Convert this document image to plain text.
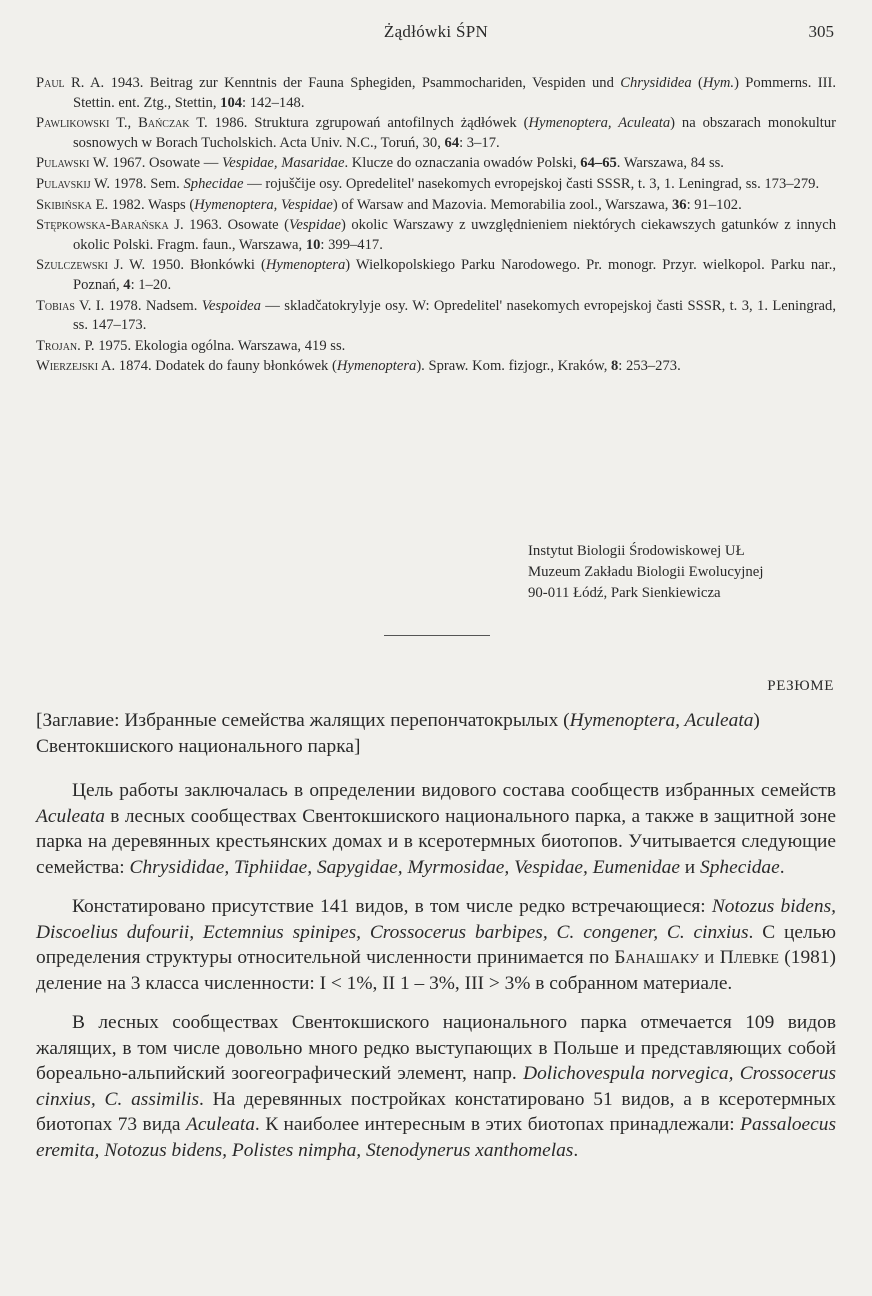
Żądłówki ŚPN	305

Paul R. A. 1943. Beitrag zur Kenntnis der Fauna Sphegiden, Psammochariden, Vespiden und Chrysididea (Hym.) Pommerns. III. Stettin. ent. Ztg., Stettin, 104: 142–148.

Pawlikowski T., Bańczak T. 1986. Struktura zgrupowań antofilnych żądłówek (Hymenoptera, Aculeata) na obszarach monokultur sosnowych w Borach Tucholskich. Acta Univ. N.C., Toruń, 30, 64: 3–17.

Pulawski W. 1967. Osowate — Vespidae, Masaridae. Klucze do oznaczania owadów Polski, 64–65. Warszawa, 84 ss.

Pulavskij W. 1978. Sem. Sphecidae — rojuščije osy. Opredelitel' nasekomych evropejskoj časti SSSR, t. 3, 1. Leningrad, ss. 173–279.

Skibińska E. 1982. Wasps (Hymenoptera, Vespidae) of Warsaw and Mazovia. Memorabilia zool., Warszawa, 36: 91–102.

Stępkowska-Barańska J. 1963. Osowate (Vespidae) okolic Warszawy z uwzględnieniem niektórych ciekawszych gatunków z innych okolic Polski. Fragm. faun., Warszawa, 10: 399–417.

Szulczewski J. W. 1950. Błonkówki (Hymenoptera) Wielkopolskiego Parku Narodowego. Pr. monogr. Przyr. wielkopol. Parku nar., Poznań, 4: 1–20.

Tobias V. I. 1978. Nadsem. Vespoidea — skladčatokrylyje osy. W: Opredelitel' nasekomych evropejskoj časti SSSR, t. 3, 1. Leningrad, ss. 147–173.

Trojan. P. 1975. Ekologia ogólna. Warszawa, 419 ss.

Wierzejski A. 1874. Dodatek do fauny błonkówek (Hymenoptera). Spraw. Kom. fizjogr., Kraków, 8: 253–273.

Instytut Biologii Środowiskowej UŁ
Muzeum Zakładu Biologii Ewolucyjnej
90-011 Łódź, Park Sienkiewicza
РЕЗЮМЕ

[Заглавие: Избранные семейства жалящих перепончатокрылых (Hymenoptera, Aculeata) Свентокшиского национального парка]

Цель работы заключалась в определении видового состава сообществ избранных семейств Aculeata в лесных сообществах Свентокшиского национального парка, а также в защитной зоне парка на деревянных крестьянских домах и в ксеротермных биотопов. Учитывается следующие семейства: Chrysididae, Tiphiidae, Sapygidae, Myrmosidae, Vespidae, Eumenidae и Sphecidae.

Констатировано присутствие 141 видов, в том числе редко встречающиеся: Notozus bidens, Discoelius dufourii, Ectemnius spinipes, Crossocerus barbipes, C. congener, C. cinxius. С целью определения структуры относительной численности принимается по Банашаку и Плевке (1981) деление на 3 класса численности: I < 1%, II 1 – 3%, III > 3% в собранном материале.

В лесных сообществах Свентокшиского национального парка отмечается 109 видов жалящих, в том числе довольно много редко выступающих в Польше и представляющих собой бореально-альпийский зоогеографический элемент, напр. Dolichovespula norvegica, Crossocerus cinxius, C. assimilis. На деревянных постройках констатировано 51 видов, а в ксеротермных биотопах 73 вида Aculeata. К наиболее интересным в этих биотопах принадлежали: Passaloecus eremita, Notozus bidens, Polistes nimpha, Stenodynerus xanthomelas.
